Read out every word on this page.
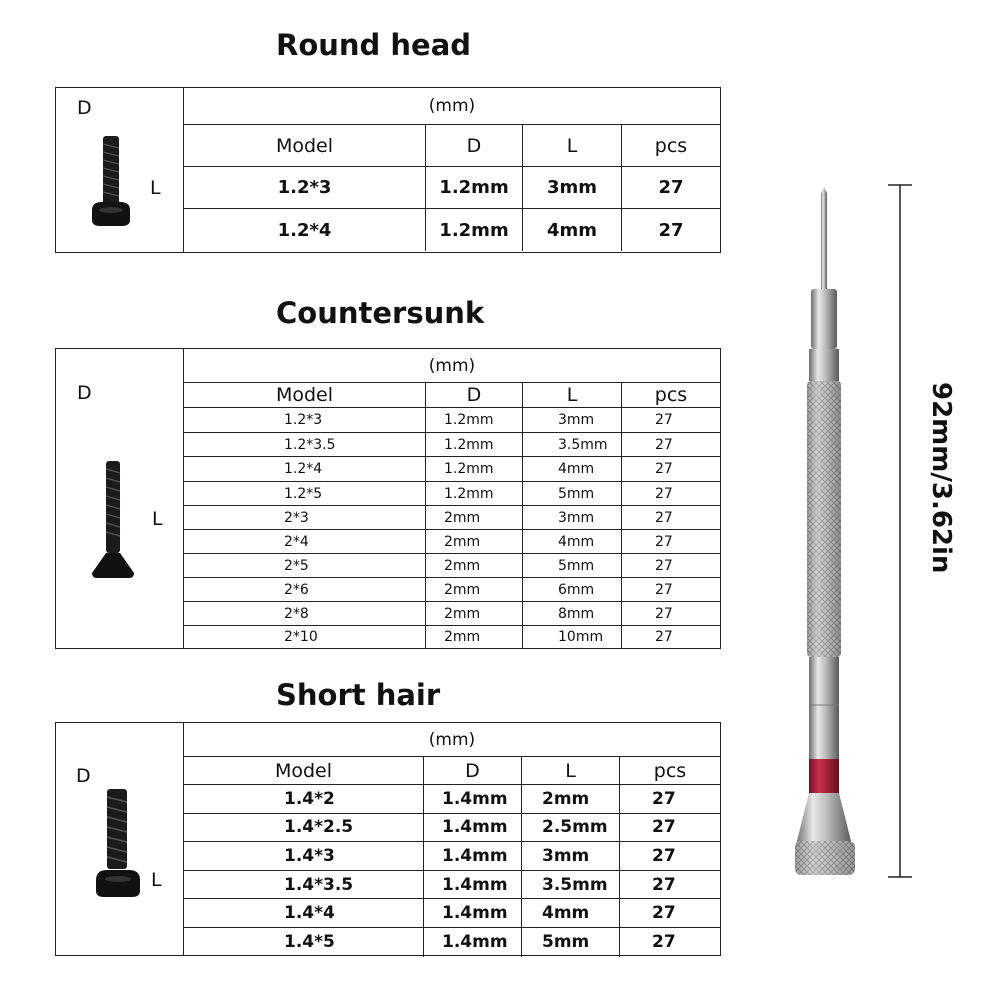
Round head
D
L
(mm)
Model	D	L	pcs
1.2*3	1.2mm	3mm	27
1.2*4	1.2mm	4mm	27
Countersunk
D
L
(mm)
Model	D	L	pcs
1.2*3	1.2mm	3mm	27
1.2*3.5	1.2mm	3.5mm	27
1.2*4	1.2mm	4mm	27
1.2*5	1.2mm	5mm	27
2*3	2mm	3mm	27
2*4	2mm	4mm	27
2*5	2mm	5mm	27
2*6	2mm	6mm	27
2*8	2mm	8mm	27
2*10	2mm	10mm	27
Short hair
D
L
(mm)
Model	D	L	pcs
1.4*2	1.4mm	2mm	27
1.4*2.5	1.4mm	2.5mm	27
1.4*3	1.4mm	3mm	27
1.4*3.5	1.4mm	3.5mm	27
1.4*4	1.4mm	4mm	27
1.4*5	1.4mm	5mm	27
92mm/3.62in
